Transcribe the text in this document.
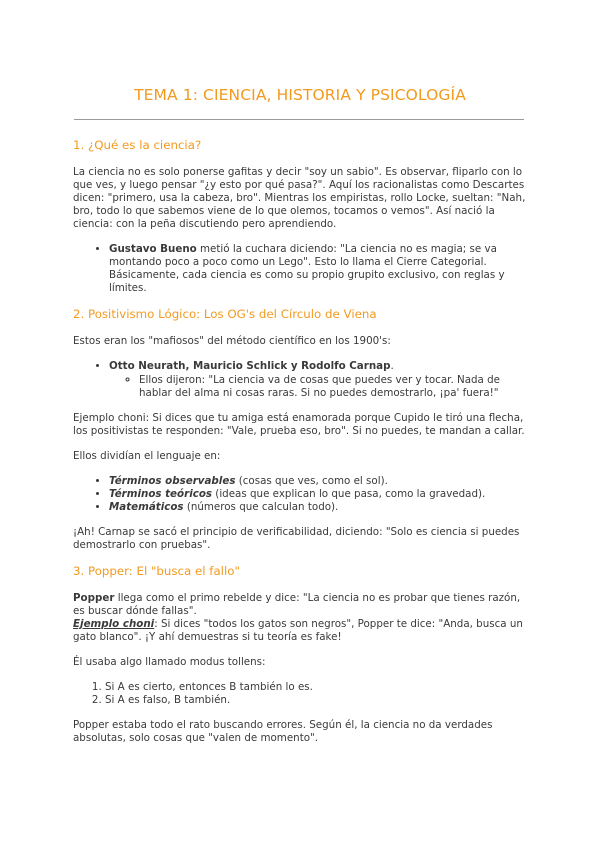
TEMA 1: CIENCIA, HISTORIA Y PSICOLOGÍA
1. ¿Qué es la ciencia?

La ciencia no es solo ponerse gafitas y decir "soy un sabio". Es observar, fliparlo con lo que ves, y luego pensar "¿y esto por qué pasa?". Aquí los racionalistas como Descartes dicen: "primero, usa la cabeza, bro". Mientras los empiristas, rollo Locke, sueltan: "Nah, bro, todo lo que sabemos viene de lo que olemos, tocamos o vemos". Así nació la ciencia: con la peña discutiendo pero aprendiendo.

• Gustavo Bueno metió la cuchara diciendo: "La ciencia no es magia; se va montando poco a poco como un Lego". Esto lo llama el Cierre Categorial. Básicamente, cada ciencia es como su propio grupito exclusivo, con reglas y límites.
2. Positivismo Lógico: Los OG's del Círculo de Viena

Estos eran los "mafiosos" del método científico en los 1900's:

• Otto Neurath, Mauricio Schlick y Rodolfo Carnap.
◦ Ellos dijeron: "La ciencia va de cosas que puedes ver y tocar. Nada de hablar del alma ni cosas raras. Si no puedes demostrarlo, ¡pa' fuera!"

Ejemplo choni: Si dices que tu amiga está enamorada porque Cupido le tiró una flecha, los positivistas te responden: "Vale, prueba eso, bro". Si no puedes, te mandan a callar.

Ellos dividían el lenguaje en:

• Términos observables (cosas que ves, como el sol).
• Términos teóricos (ideas que explican lo que pasa, como la gravedad).
• Matemáticos (números que calculan todo).

¡Ah! Carnap se sacó el principio de verificabilidad, diciendo: "Solo es ciencia si puedes demostrarlo con pruebas".

3. Popper: El "busca el fallo"

Popper llega como el primo rebelde y dice: "La ciencia no es probar que tienes razón, es buscar dónde fallas".

Ejemplo choni: Si dices "todos los gatos son negros", Popper te dice: "Anda, busca un gato blanco". ¡Y ahí demuestras si tu teoría es fake!

Él usaba algo llamado modus tollens:

1. Si A es cierto, entonces B también lo es.
2. Si A es falso, B también.

Popper estaba todo el rato buscando errores. Según él, la ciencia no da verdades absolutas, solo cosas que "valen de momento".
